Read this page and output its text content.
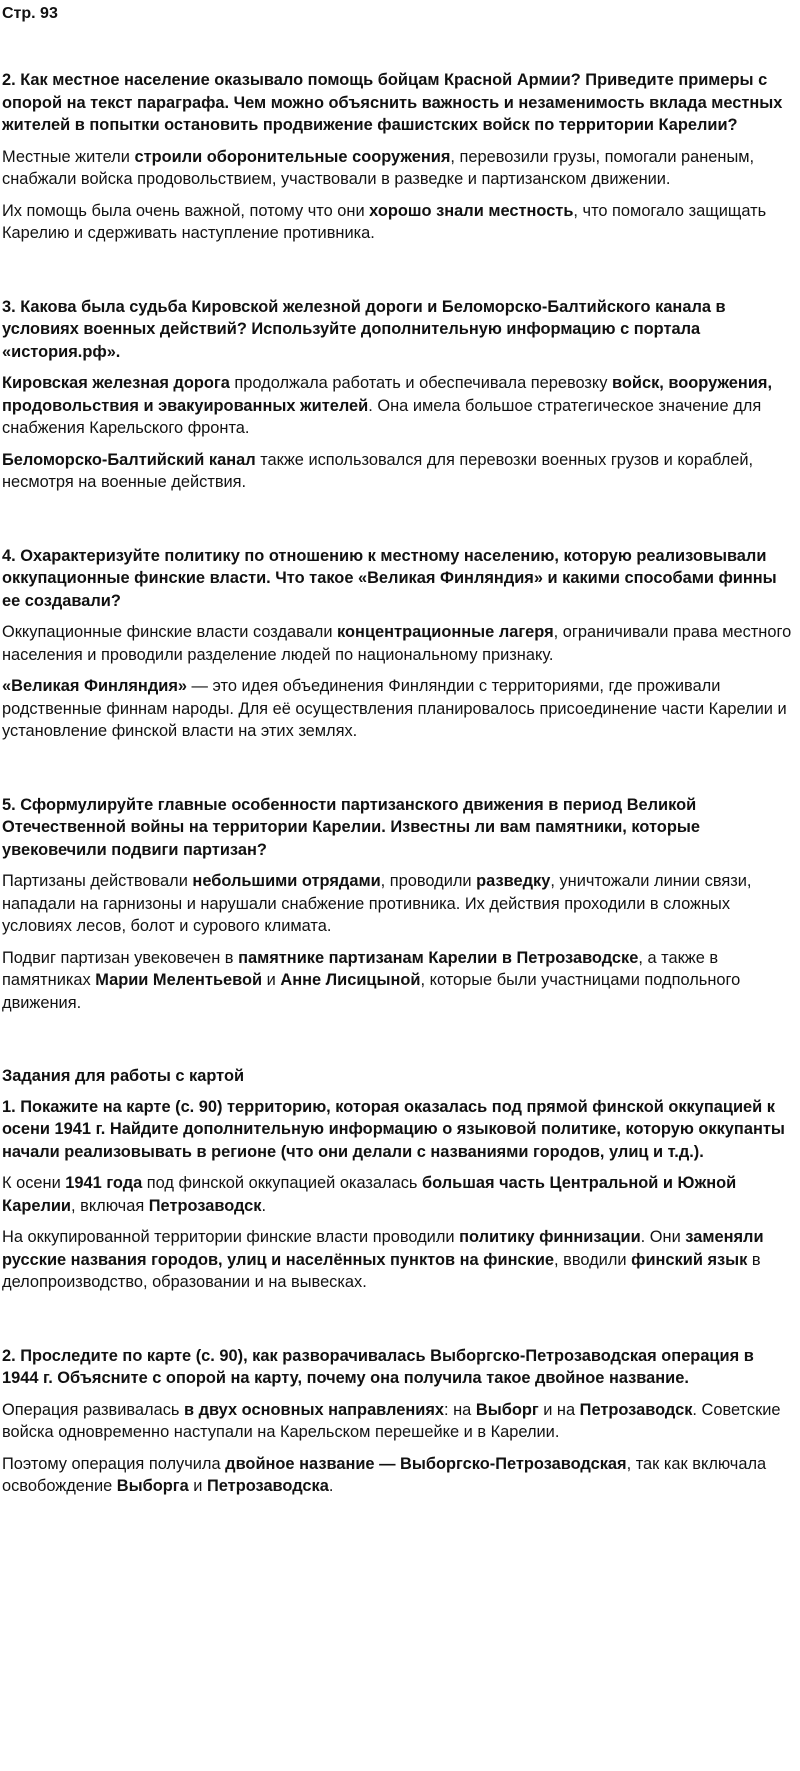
Стр. 93

2. Как местное население оказывало помощь бойцам Красной Армии? Приведите примеры с опорой на текст параграфа. Чем можно объяснить важность и незаменимость вклада местных жителей в попытки остановить продвижение фашистских войск по территории Карелии?

Местные жители строили оборонительные сооружения, перевозили грузы, помогали раненым, снабжали войска продовольствием, участвовали в разведке и партизанском движении.

Их помощь была очень важной, потому что они хорошо знали местность, что помогало защищать Карелию и сдерживать наступление противника.

3. Какова была судьба Кировской железной дороги и Беломорско-Балтийского канала в условиях военных действий? Используйте дополнительную информацию с портала «история.рф».

Кировская железная дорога продолжала работать и обеспечивала перевозку войск, вооружения, продовольствия и эвакуированных жителей. Она имела большое стратегическое значение для снабжения Карельского фронта.

Беломорско-Балтийский канал также использовался для перевозки военных грузов и кораблей, несмотря на военные действия.

4. Охарактеризуйте политику по отношению к местному населению, которую реализовывали оккупационные финские власти. Что такое «Великая Финляндия» и какими способами финны ее создавали?

Оккупационные финские власти создавали концентрационные лагеря, ограничивали права местного населения и проводили разделение людей по национальному признаку.

«Великая Финляндия» — это идея объединения Финляндии с территориями, где проживали родственные финнам народы. Для её осуществления планировалось присоединение части Карелии и установление финской власти на этих землях.

5. Сформулируйте главные особенности партизанского движения в период Великой Отечественной войны на территории Карелии. Известны ли вам памятники, которые увековечили подвиги партизан?

Партизаны действовали небольшими отрядами, проводили разведку, уничтожали линии связи, нападали на гарнизоны и нарушали снабжение противника. Их действия проходили в сложных условиях лесов, болот и сурового климата.

Подвиг партизан увековечен в памятнике партизанам Карелии в Петрозаводске, а также в памятниках Марии Мелентьевой и Анне Лисицыной, которые были участницами подпольного движения.

Задания для работы с картой

1. Покажите на карте (с. 90) территорию, которая оказалась под прямой финской оккупацией к осени 1941 г. Найдите дополнительную информацию о языковой политике, которую оккупанты начали реализовывать в регионе (что они делали с названиями городов, улиц и т.д.).

К осени 1941 года под финской оккупацией оказалась большая часть Центральной и Южной Карелии, включая Петрозаводск.

На оккупированной территории финские власти проводили политику финнизации. Они заменяли русские названия городов, улиц и населённых пунктов на финские, вводили финский язык в делопроизводство, образовании и на вывесках.

2. Проследите по карте (с. 90), как разворачивалась Выборгско-Петрозаводская операция в 1944 г. Объясните с опорой на карту, почему она получила такое двойное название.

Операция развивалась в двух основных направлениях: на Выборг и на Петрозаводск. Советские войска одновременно наступали на Карельском перешейке и в Карелии.

Поэтому операция получила двойное название — Выборгско-Петрозаводская, так как включала освобождение Выборга и Петрозаводска.
